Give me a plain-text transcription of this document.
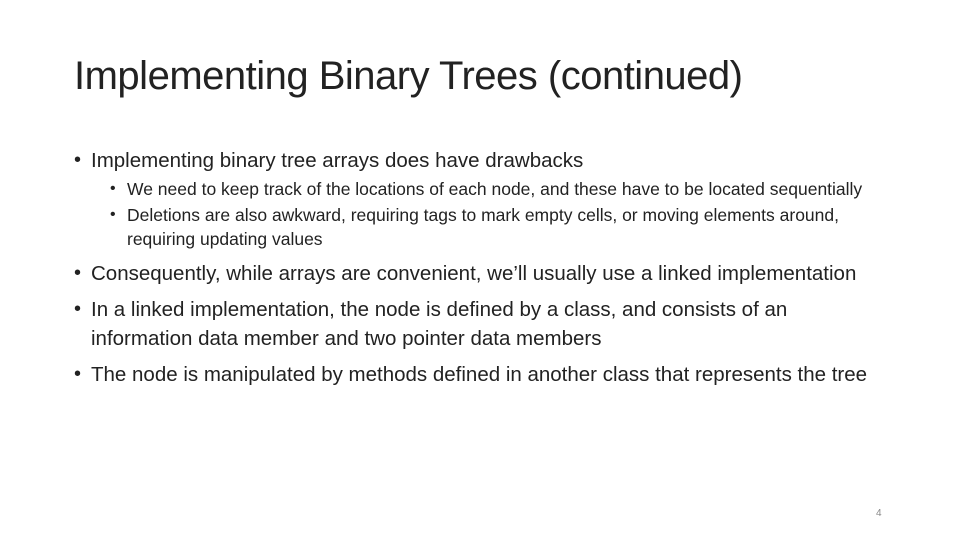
Implementing Binary Trees (continued)
• Implementing binary tree arrays does have drawbacks
• We need to keep track of the locations of each node, and these have to be located sequentially
• Deletions are also awkward, requiring tags to mark empty cells, or moving elements around, requiring updating values
• Consequently, while arrays are convenient, we’ll usually use a linked implementation
• In a linked implementation, the node is defined by a class, and consists of an information data member and two pointer data members
• The node is manipulated by methods defined in another class that represents the tree
4
